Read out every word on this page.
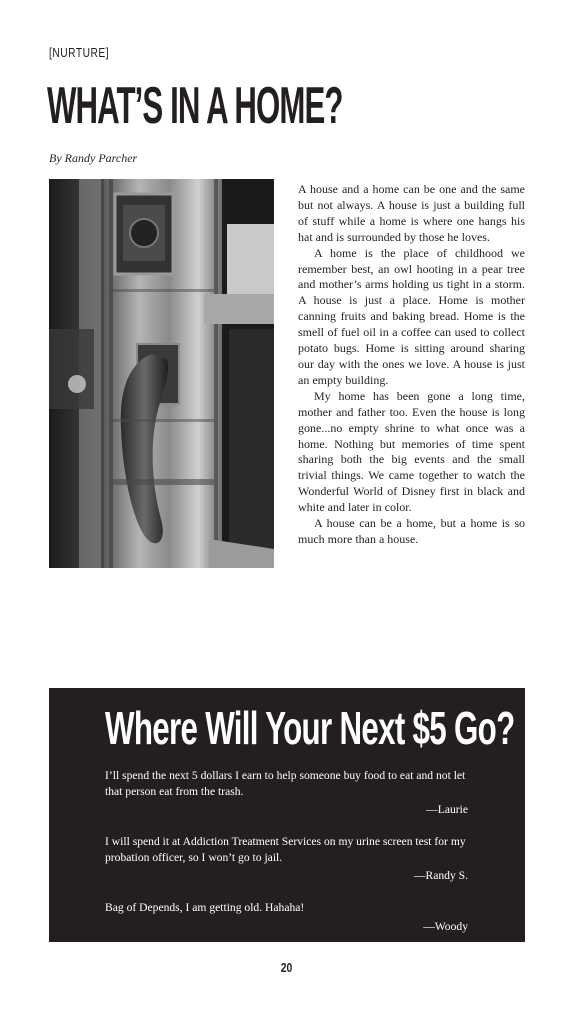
[NURTURE]
WHAT’S IN A HOME?
By Randy Parcher

A house and a home can be one and the same but not always. A house is just a building full of stuff while a home is where one hangs his hat and is surrounded by those he loves.

A home is the place of childhood we remember best, an owl hooting in a pear tree and mother’s arms holding us tight in a storm. A house is just a place. Home is mother canning fruits and baking bread. Home is the smell of fuel oil in a coffee can used to collect potato bugs. Home is sitting around sharing our day with the ones we love. A house is just an empty building.

My home has been gone a long time, mother and father too. Even the house is long gone...no empty shrine to what once was a home. Nothing but memories of time spent sharing both the big events and the small trivial things. We came together to watch the Wonderful World of Disney first in black and white and later in color.

A house can be a home, but a home is so much more than a house.

Where Will Your Next $5 Go?
I’ll spend the next 5 dollars I earn to help someone buy food to eat and not let that person eat from the trash.
—Laurie
I will spend it at Addiction Treatment Services on my urine screen test for my probation officer, so I won’t go to jail.
—Randy S.
Bag of Depends, I am getting old. Hahaha!
—Woody
20
